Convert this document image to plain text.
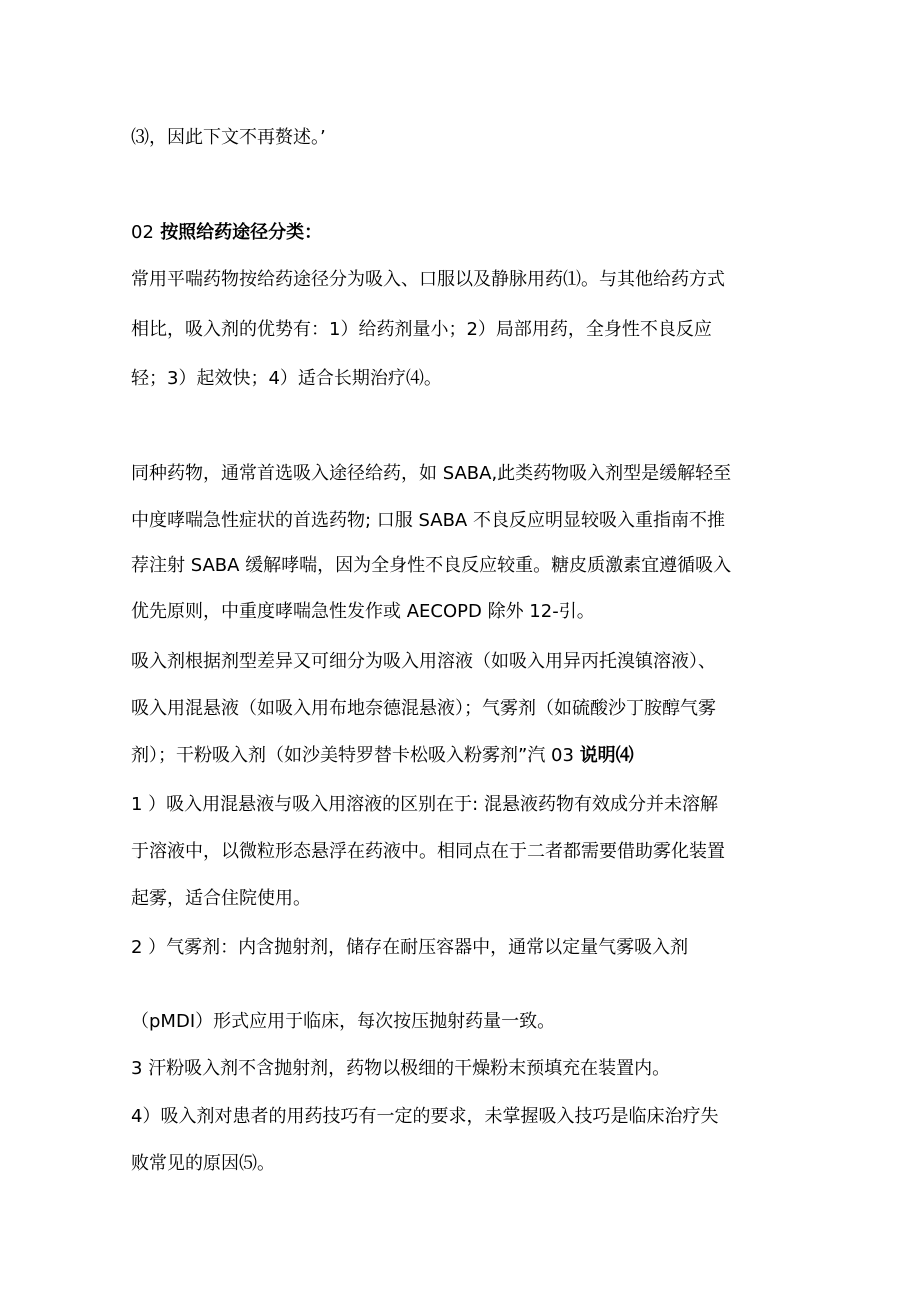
⑶，因此下文不再赘述。’

02 按照给药途径分类：

常用平喘药物按给药途径分为吸入、口服以及静脉用药⑴。与其他给药方式

相比，吸入剂的优势有：1）给药剂量小；2）局部用药，全身性不良反应

轻；3）起效快；4）适合长期治疗⑷。

同种药物，通常首选吸入途径给药，如 SABA,此类药物吸入剂型是缓解轻至

中度哮喘急性症状的首选药物; 口服 SABA 不良反应明显较吸入重指南不推

荐注射 SABA 缓解哮喘，因为全身性不良反应较重。糖皮质激素宜遵循吸入

优先原则，中重度哮喘急性发作或 AECOPD 除外 12-引。

吸入剂根据剂型差异又可细分为吸入用溶液（如吸入用异丙托溴镇溶液）、

吸入用混悬液（如吸入用布地奈德混悬液）；气雾剂（如硫酸沙丁胺醇气雾

剂）；干粉吸入剂（如沙美特罗替卡松吸入粉雾剂”汽 03 说明⑷

1 ）吸入用混悬液与吸入用溶液的区别在于: 混悬液药物有效成分并未溶解

于溶液中，以微粒形态悬浮在药液中。相同点在于二者都需要借助雾化装置

起雾，适合住院使用。

2 ）气雾剂：内含抛射剂，储存在耐压容器中，通常以定量气雾吸入剂

（pMDI）形式应用于临床，每次按压抛射药量一致。

3 汗粉吸入剂不含抛射剂，药物以极细的干燥粉末预填充在装置内。

4）吸入剂对患者的用药技巧有一定的要求，未掌握吸入技巧是临床治疗失

败常见的原因⑸。
